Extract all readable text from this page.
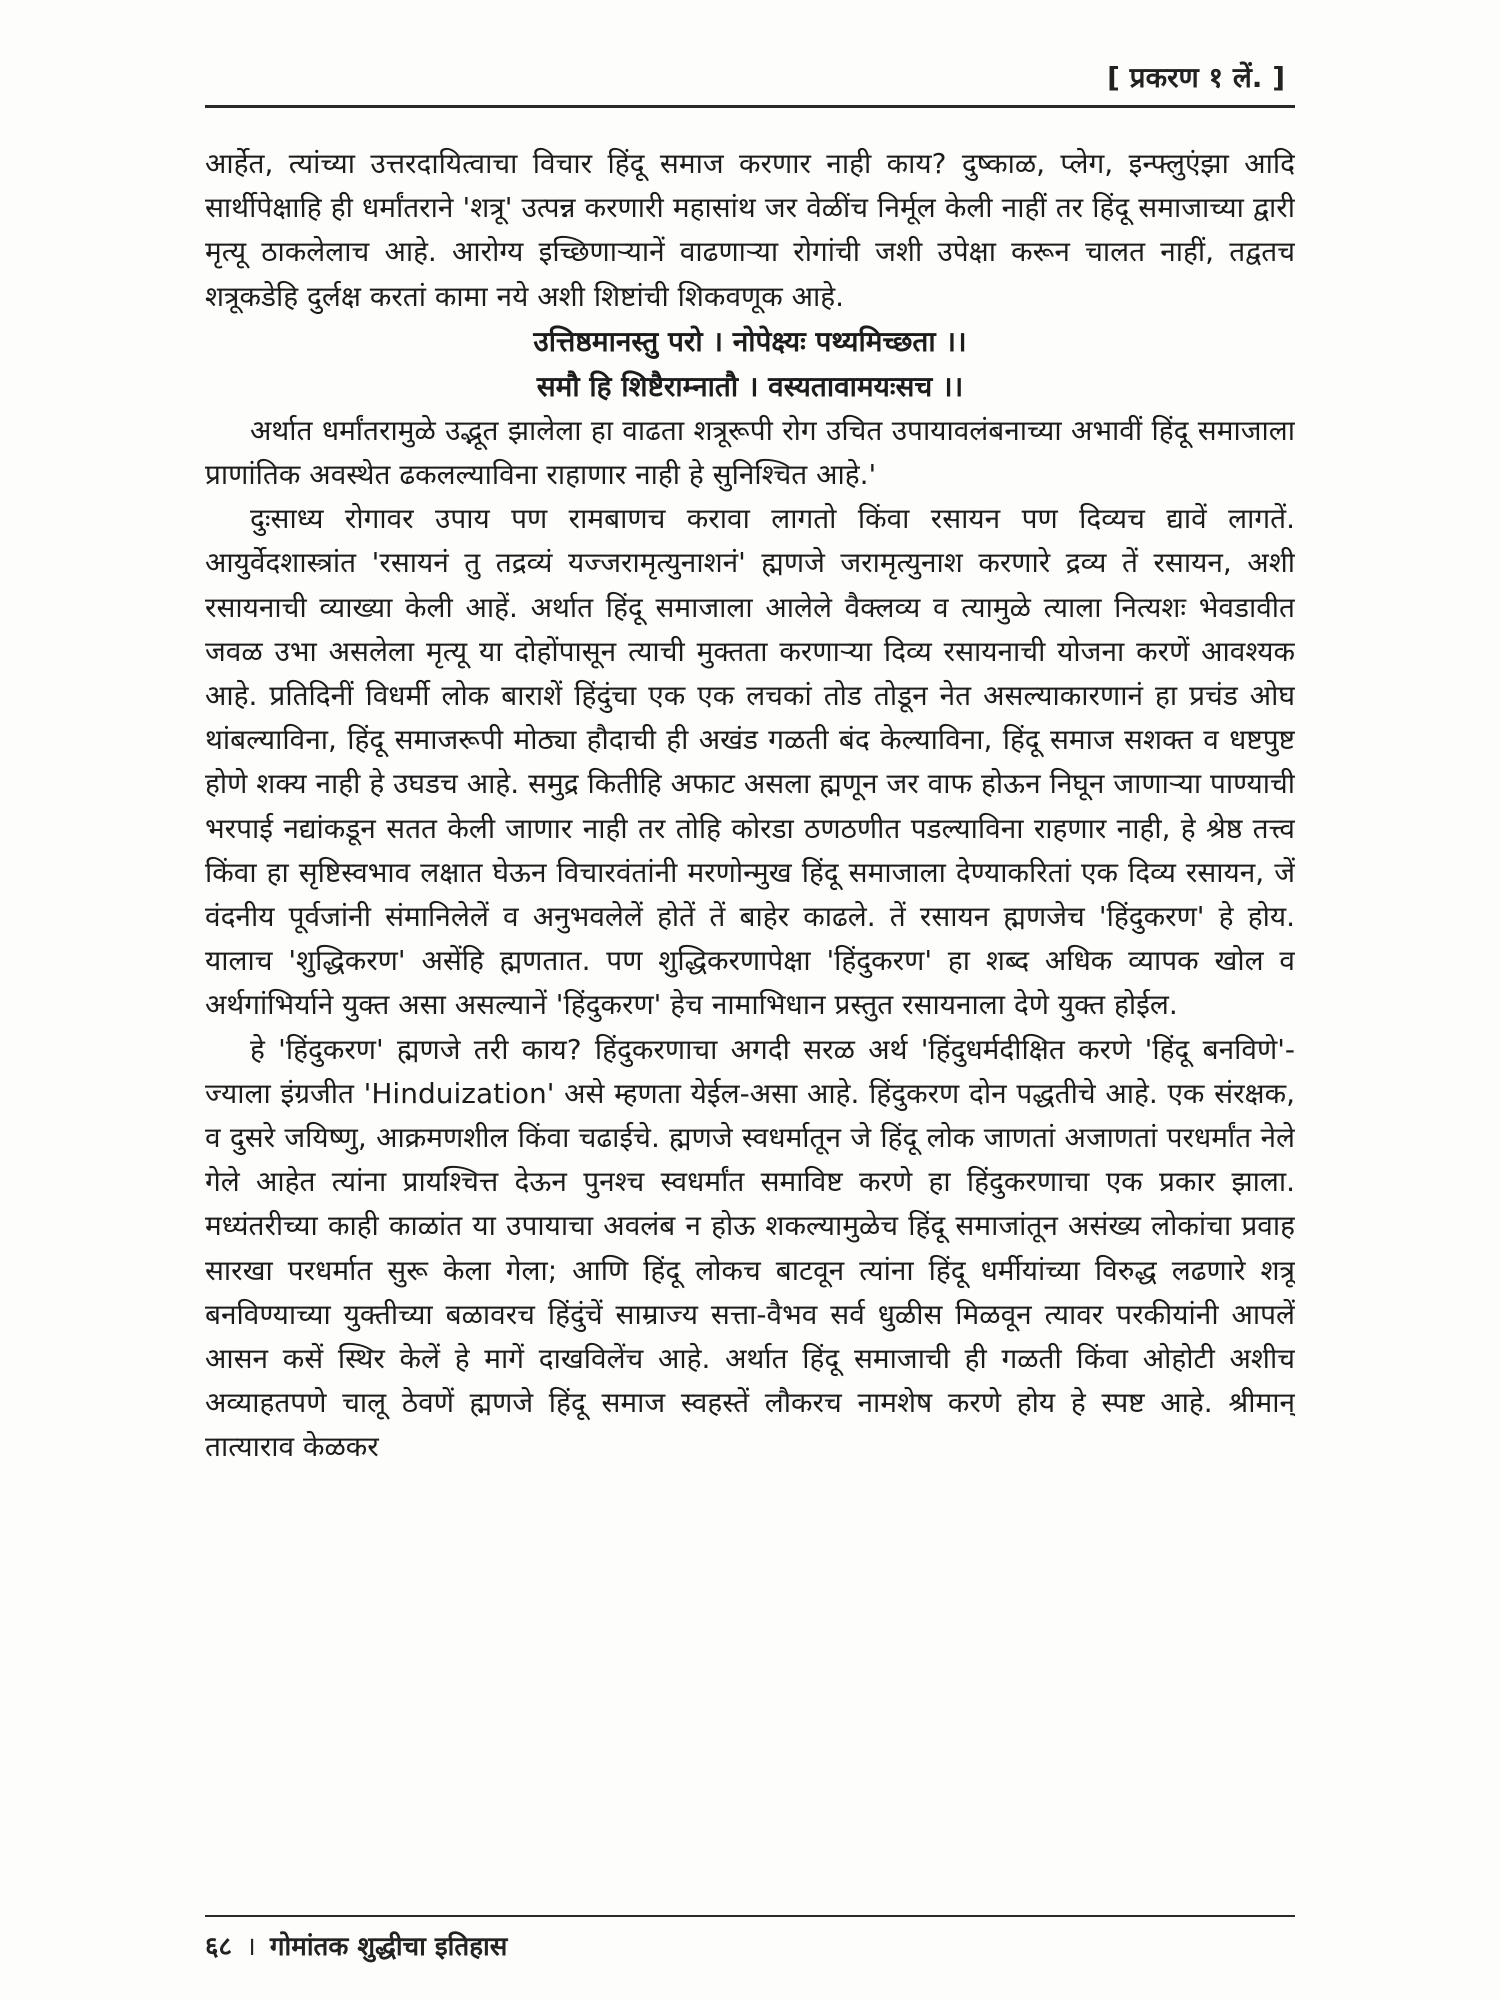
[ प्रकरण १ लें. ]

आर्हेत, त्यांच्या उत्तरदायित्वाचा विचार हिंदू समाज करणार नाही काय? दुष्काळ, प्लेग, इन्फ्लुएंझा आदि सार्थीपेक्षाहि ही धर्मांतराने 'शत्रू' उत्पन्न करणारी महासांथ जर वेळींच निर्मूल केली नाहीं तर हिंदू समाजाच्या द्वारी मृत्यू ठाकलेलाच आहे. आरोग्य इच्छिणाऱ्यानें वाढणाऱ्या रोगांची जशी उपेक्षा करून चालत नाहीं, तद्वतच शत्रूकडेहि दुर्लक्ष करतां कामा नये अशी शिष्टांची शिकवणूक आहे.

उत्तिष्ठमानस्तु परो । नोपेक्ष्यः पथ्यमिच्छता ।।
समौ हि शिष्टैराम्नातौ । वस्यतावामयःसच ।।

अर्थात धर्मांतरामुळे उद्भूत झालेला हा वाढता शत्रूरूपी रोग उचित उपायावलंबनाच्या अभावीं हिंदू समाजाला प्राणांतिक अवस्थेत ढकलल्याविना राहाणार नाही हे सुनिश्चित आहे.'

दुःसाध्य रोगावर उपाय पण रामबाणच करावा लागतो किंवा रसायन पण दिव्यच द्यावें लागतें. आयुर्वेदशास्त्रांत 'रसायनं तु तद्रव्यं यज्जरामृत्युनाशनं' ह्मणजे जरामृत्युनाश करणारे द्रव्य तें रसायन, अशी रसायनाची व्याख्या केली आहें. अर्थात हिंदू समाजाला आलेले वैक्लव्य व त्यामुळे त्याला नित्यशः भेवडावीत जवळ उभा असलेला मृत्यू या दोहोंपासून त्याची मुक्तता करणाऱ्या दिव्य रसायनाची योजना करणें आवश्यक आहे. प्रतिदिनीं विधर्मी लोक बाराशें हिंदुंचा एक एक लचकां तोड तोडून नेत असल्याकारणानं हा प्रचंड ओघ थांबल्याविना, हिंदू समाजरूपी मोठ्या हौदाची ही अखंड गळती बंद केल्याविना, हिंदू समाज सशक्त व धष्टपुष्ट होणे शक्य नाही हे उघडच आहे. समुद्र कितीहि अफाट असला ह्मणून जर वाफ होऊन निघून जाणाऱ्या पाण्याची भरपाई नद्यांकडून सतत केली जाणार नाही तर तोहि कोरडा ठणठणीत पडल्याविना राहणार नाही, हे श्रेष्ठ तत्त्व किंवा हा सृष्टिस्वभाव लक्षात घेऊन विचारवंतांनी मरणोन्मुख हिंदू समाजाला देण्याकरितां एक दिव्य रसायन, जें वंदनीय पूर्वजांनी संमानिलेलें व अनुभवलेलें होतें तें बाहेर काढले. तें रसायन ह्मणजेच 'हिंदुकरण' हे होय. यालाच 'शुद्धिकरण' असेंहि ह्मणतात. पण शुद्धिकरणापेक्षा 'हिंदुकरण' हा शब्द अधिक व्यापक खोल व अर्थगांभिर्याने युक्त असा असल्यानें 'हिंदुकरण' हेच नामाभिधान प्रस्तुत रसायनाला देणे युक्त होईल.

हे 'हिंदुकरण' ह्मणजे तरी काय? हिंदुकरणाचा अगदी सरळ अर्थ 'हिंदुधर्मदीक्षित करणे 'हिंदू बनविणे'- ज्याला इंग्रजीत 'Hinduization' असे म्हणता येईल-असा आहे. हिंदुकरण दोन पद्धतीचे आहे. एक संरक्षक, व दुसरे जयिष्णु, आक्रमणशील किंवा चढाईचे. ह्मणजे स्वधर्मातून जे हिंदू लोक जाणतां अजाणतां परधर्मांत नेले गेले आहेत त्यांना प्रायश्चित्त देऊन पुनश्च स्वधर्मांत समाविष्ट करणे हा हिंदुकरणाचा एक प्रकार झाला. मध्यंतरीच्या काही काळांत या उपायाचा अवलंब न होऊ शकल्यामुळेच हिंदू समाजांतून असंख्य लोकांचा प्रवाह सारखा परधर्मात सुरू केला गेला; आणि हिंदू लोकच बाटवून त्यांना हिंदू धर्मीयांच्या विरुद्ध लढणारे शत्रू बनविण्याच्या युक्तीच्या बळावरच हिंदुंचें साम्राज्य सत्ता-वैभव सर्व धुळीस मिळवून त्यावर परकीयांनी आपलें आसन कसें स्थिर केलें हे मागें दाखविलेंच आहे. अर्थात हिंदू समाजाची ही गळती किंवा ओहोटी अशीच अव्याहतपणे चालू ठेवणें ह्मणजे हिंदू समाज स्वहस्तें लौकरच नामशेष करणे होय हे स्पष्ट आहे. श्रीमान् तात्याराव केळकर

६८ । गोमांतक शुद्धीचा इतिहास
